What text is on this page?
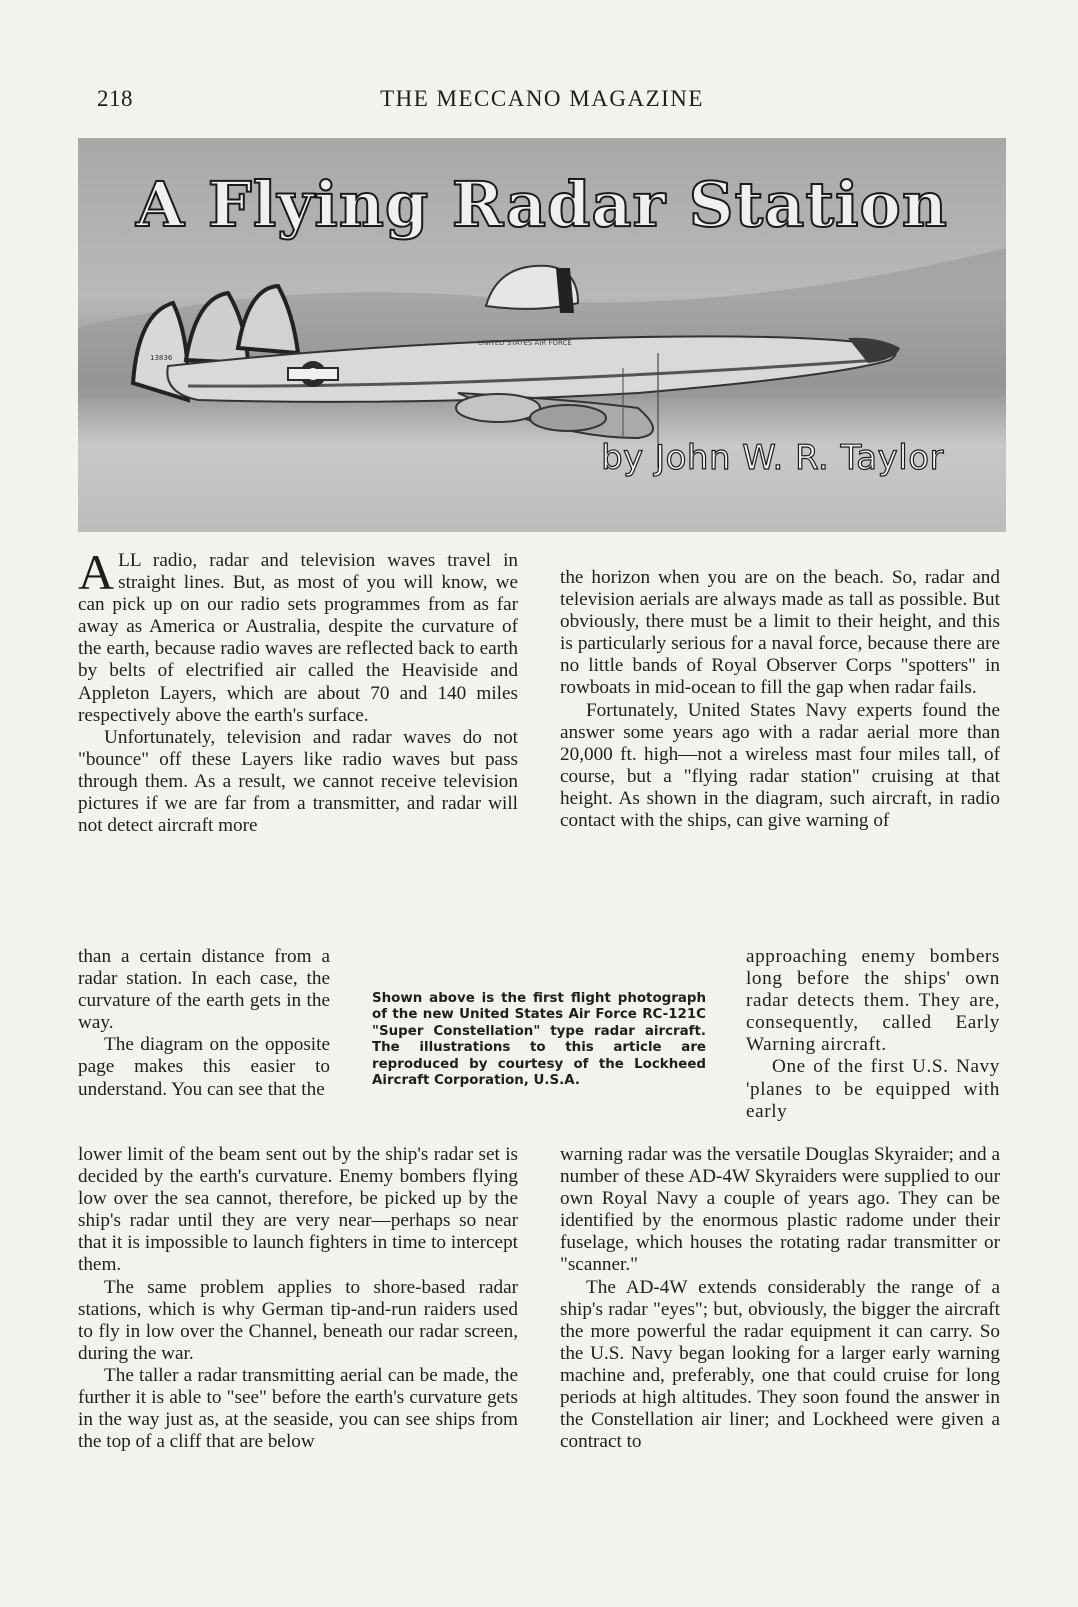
218	THE MECCANO MAGAZINE
UNITED STATES AIR FORCE
13836
A Flying Radar Station
by John W. R. Taylor

ALL radio, radar and television waves travel in straight lines. But, as most of you will know, we can pick up on our radio sets programmes from as far away as America or Australia, despite the curvature of the earth, because radio waves are reflected back to earth by belts of electrified air called the Heaviside and Appleton Layers, which are about 70 and 140 miles respectively above the earth's surface.

Unfortunately, television and radar waves do not "bounce" off these Layers like radio waves but pass through them. As a result, we cannot receive television pictures if we are far from a transmitter, and radar will not detect aircraft more

than a certain distance from a radar station. In each case, the curvature of the earth gets in the way.

The diagram on the opposite page makes this easier to understand. You can see that the

lower limit of the beam sent out by the ship's radar set is decided by the earth's curvature. Enemy bombers flying low over the sea cannot, therefore, be picked up by the ship's radar until they are very near—perhaps so near that it is impossible to launch fighters in time to intercept them.

The same problem applies to shore-based radar stations, which is why German tip-and-run raiders used to fly in low over the Channel, beneath our radar screen, during the war.

The taller a radar transmitting aerial can be made, the further it is able to "see" before the earth's curvature gets in the way just as, at the seaside, you can see ships from the top of a cliff that are below

Shown above is the first flight photograph of the new United States Air Force RC-121C "Super Constellation" type radar aircraft. The illustrations to this article are reproduced by courtesy of the Lockheed Aircraft Corporation, U.S.A.

the horizon when you are on the beach. So, radar and television aerials are always made as tall as possible. But obviously, there must be a limit to their height, and this is particularly serious for a naval force, because there are no little bands of Royal Observer Corps "spotters" in rowboats in mid-ocean to fill the gap when radar fails.

Fortunately, United States Navy experts found the answer some years ago with a radar aerial more than 20,000 ft. high—not a wireless mast four miles tall, of course, but a "flying radar station" cruising at that height. As shown in the diagram, such aircraft, in radio contact with the ships, can give warning of

approaching enemy bombers long before the ships' own radar detects them. They are, consequently, called Early Warning aircraft.

One of the first U.S. Navy 'planes to be equipped with early

warning radar was the versatile Douglas Skyraider; and a number of these AD-4W Skyraiders were supplied to our own Royal Navy a couple of years ago. They can be identified by the enormous plastic radome under their fuselage, which houses the rotating radar transmitter or "scanner."

The AD-4W extends considerably the range of a ship's radar "eyes"; but, obviously, the bigger the aircraft the more powerful the radar equipment it can carry. So the U.S. Navy began looking for a larger early warning machine and, preferably, one that could cruise for long periods at high altitudes. They soon found the answer in the Constellation air liner; and Lockheed were given a contract to
